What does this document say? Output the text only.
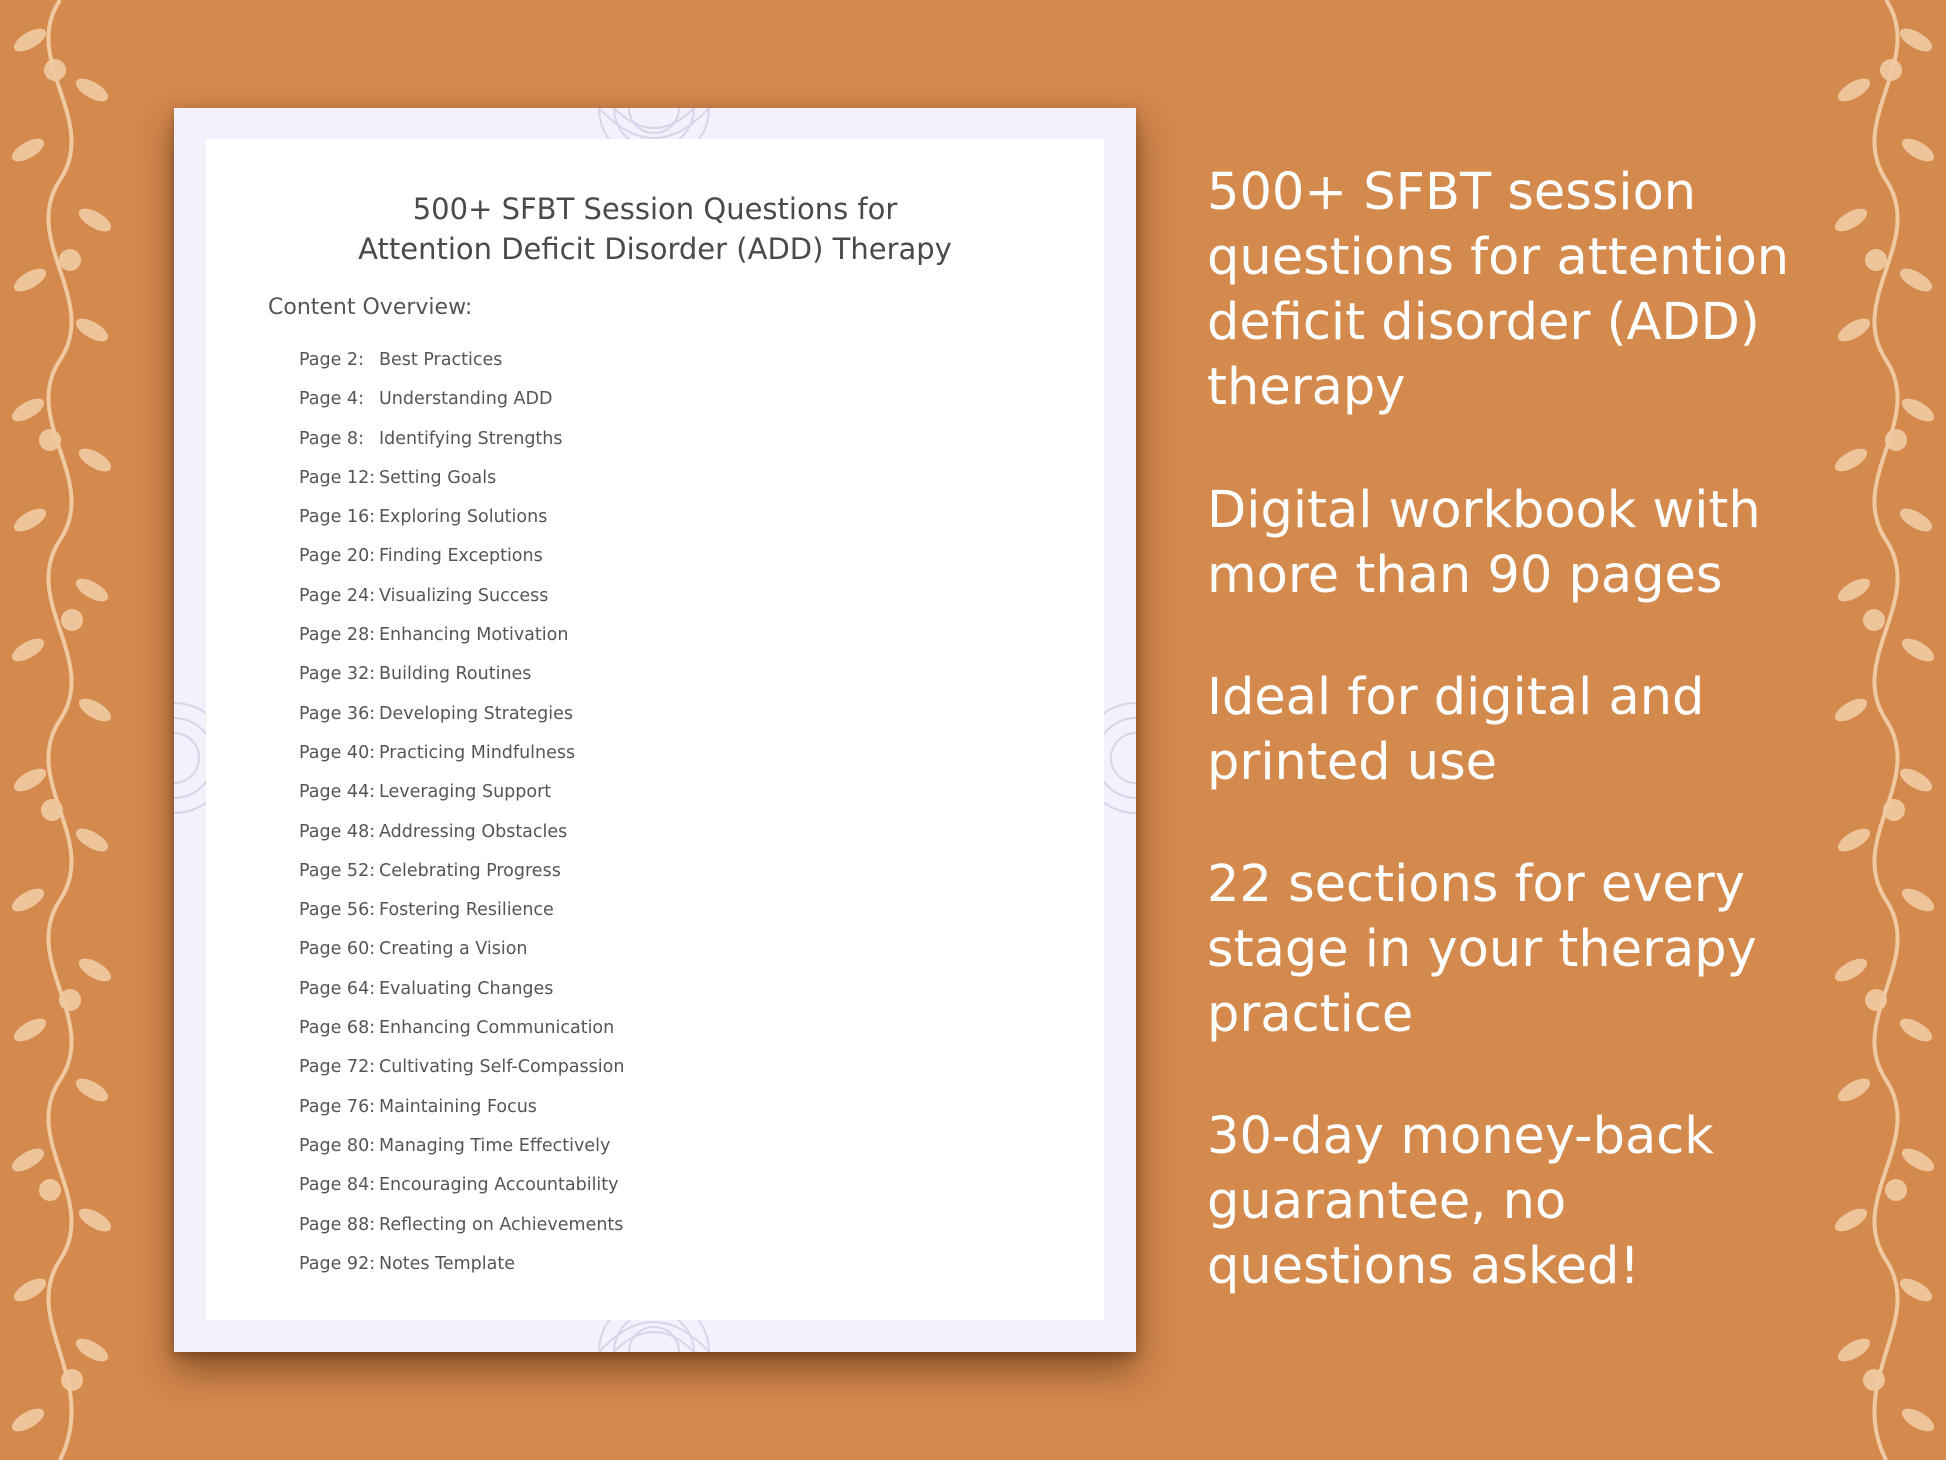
500+ SFBT Session Questions for
Attention Deficit Disorder (ADD) Therapy
Content Overview:
Page 2: Best Practices
Page 4: Understanding ADD
Page 8: Identifying Strengths
Page 12: Setting Goals
Page 16: Exploring Solutions
Page 20: Finding Exceptions
Page 24: Visualizing Success
Page 28: Enhancing Motivation
Page 32: Building Routines
Page 36: Developing Strategies
Page 40: Practicing Mindfulness
Page 44: Leveraging Support
Page 48: Addressing Obstacles
Page 52: Celebrating Progress
Page 56: Fostering Resilience
Page 60: Creating a Vision
Page 64: Evaluating Changes
Page 68: Enhancing Communication
Page 72: Cultivating Self-Compassion
Page 76: Maintaining Focus
Page 80: Managing Time Effectively
Page 84: Encouraging Accountability
Page 88: Reflecting on Achievements
Page 92: Notes Template

500+ SFBT session questions for attention deficit disorder (ADD) therapy

Digital workbook with more than 90 pages

Ideal for digital and printed use

22 sections for every stage in your therapy practice

30-day money-back guarantee, no questions asked!
